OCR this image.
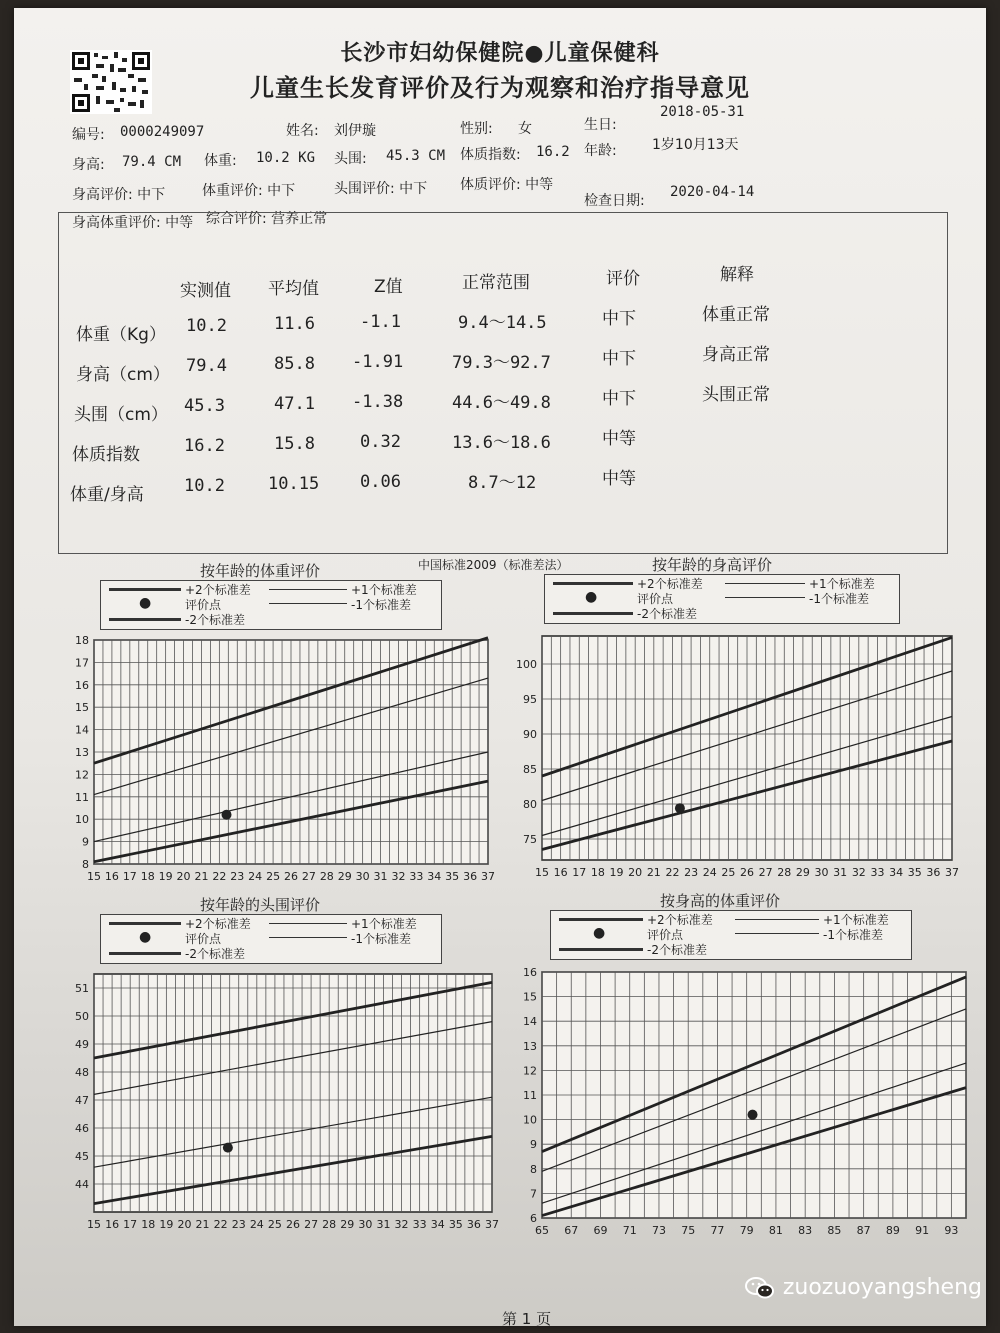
长沙市妇幼保健院●儿童保健科
儿童生长发育评价及行为观察和治疗指导意见
编号: 0000249097	姓名: 刘伊璇	性别: 女	生日:
2018-05-31
身高: 79.4 CM 体重: 10.2 KG 头围: 45.3 CM 体质指数: 16.2 年龄:	1岁10月13天
身高评价: 中下	体重评价: 中下	头围评价: 中下 体质评价: 中等
检查日期:
2020-04-14
身高体重评价: 中等 综合评价: 营养正常
实测值 平均值	Z值	正常范围	评价	解释
体重（Kg） 10.2	11.6	-1.1	9.4～14.5	中下	体重正常
身高（cm） 79.4	85.8 -1.91	79.3～92.7	中下	身高正常
头围（cm） 45.3	47.1 -1.38	44.6～49.8	中下	头围正常
体质指数	16.2	15.8	0.32	13.6～18.6	中等
体重/身高 10.2	10.15 0.06	8.7～12	中等
按年龄的体重评价	中国标准2009（标准差法）	按年龄的身高评价
按年龄的头围评价	按身高的体重评价
+2个标准差	+1个标准差
●	评价点	-1个标准差
-2个标准差
+2个标准差	+1个标准差
●	评价点	-1个标准差
-2个标准差
+2个标准差	+1个标准差
●	评价点	-1个标准差
-2个标准差
+2个标准差	+1个标准差
●	评价点	-1个标准差
-2个标准差
8
9
10
11
12
13
14
15
16
17
18
15 16 17 18 19 20 21 22 23 24 25 26 27 28 29 30 31 32 33 34 35 36 37
75
80
85
90
95
100
15 16 17 18 19 20 21 22 23 24 25 26 27 28 29 30 31 32 33 34 35 36 37
44
45
46
47
48
49
50
51
15 16 17 18 19 20 21 22 23 24 25 26 27 28 29 30 31 32 33 34 35 36 37	6
7
8
9
10
11
12
13
14
15
16
65 67 69 71 73 75 77 79 81 83 85 87 89 91 93
第 1 页
zuozuoyangsheng
